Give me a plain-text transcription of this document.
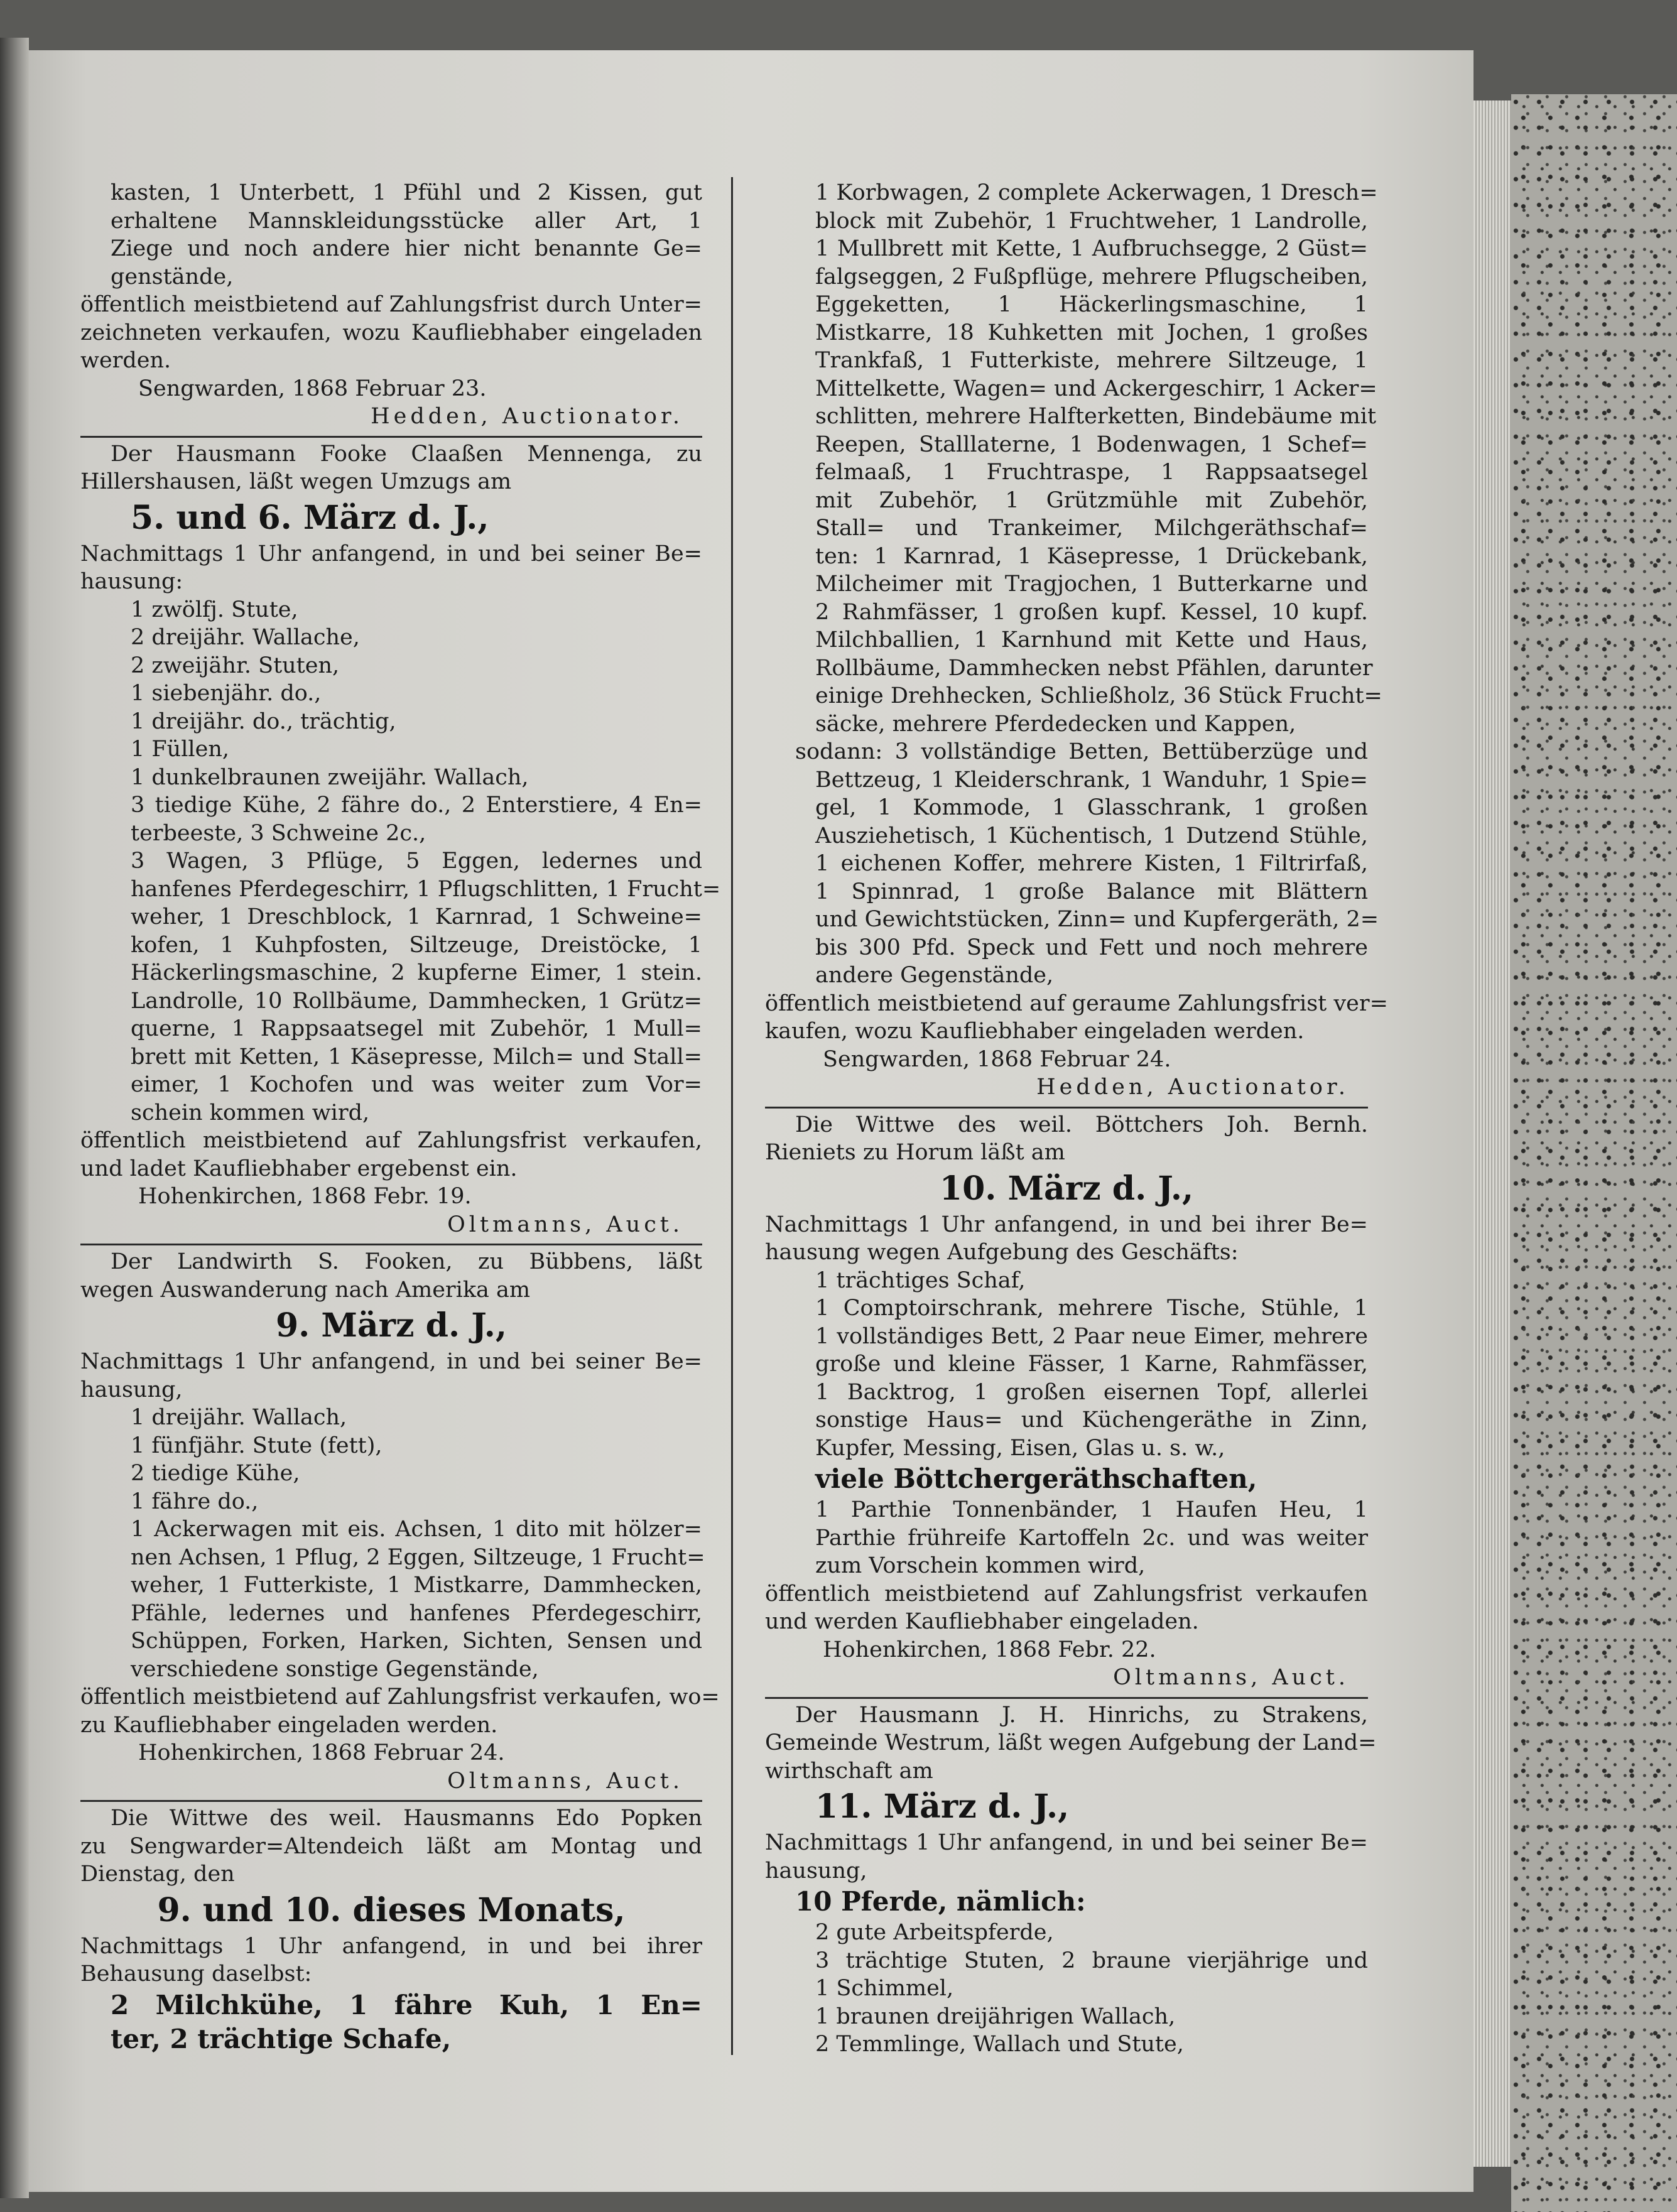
kasten, 1 Unterbett, 1 Pfühl und 2 Kissen, gut
erhaltene Mannskleidungsstücke aller Art, 1
Ziege und noch andere hier nicht benannte Ge=
genstände,
öffentlich meistbietend auf Zahlungsfrist durch Unter=
zeichneten verkaufen, wozu Kaufliebhaber eingeladen
werden.
Sengwarden, 1868 Februar 23.
Hedden, Auctionator.
Der Hausmann Fooke Claaßen Mennenga, zu
Hillershausen, läßt wegen Umzugs am
5. und 6. März d. J.,
Nachmittags 1 Uhr anfangend, in und bei seiner Be=
hausung:
1 zwölfj. Stute,
2 dreijähr. Wallache,
2 zweijähr. Stuten,
1 siebenjähr. do.,
1 dreijähr. do., trächtig,
1 Füllen,
1 dunkelbraunen zweijähr. Wallach,
3 tiedige Kühe, 2 fähre do., 2 Enterstiere, 4 En=
terbeeste, 3 Schweine 2c.,
3 Wagen, 3 Pflüge, 5 Eggen, ledernes und
hanfenes Pferdegeschirr, 1 Pflugschlitten, 1 Frucht=
weher, 1 Dreschblock, 1 Karnrad, 1 Schweine=
kofen, 1 Kuhpfosten, Siltzeuge, Dreistöcke, 1
Häckerlingsmaschine, 2 kupferne Eimer, 1 stein.
Landrolle, 10 Rollbäume, Dammhecken, 1 Grütz=
querne, 1 Rappsaatsegel mit Zubehör, 1 Mull=
brett mit Ketten, 1 Käsepresse, Milch= und Stall=
eimer, 1 Kochofen und was weiter zum Vor=
schein kommen wird,
öffentlich meistbietend auf Zahlungsfrist verkaufen,
und ladet Kaufliebhaber ergebenst ein.
Hohenkirchen, 1868 Febr. 19.
Oltmanns, Auct.
Der Landwirth S. Fooken, zu Bübbens, läßt
wegen Auswanderung nach Amerika am
9. März d. J.,
Nachmittags 1 Uhr anfangend, in und bei seiner Be=
hausung,
1 dreijähr. Wallach,
1 fünfjähr. Stute (fett),
2 tiedige Kühe,
1 fähre do.,
1 Ackerwagen mit eis. Achsen, 1 dito mit hölzer=
nen Achsen, 1 Pflug, 2 Eggen, Siltzeuge, 1 Frucht=
weher, 1 Futterkiste, 1 Mistkarre, Dammhecken,
Pfähle, ledernes und hanfenes Pferdegeschirr,
Schüppen, Forken, Harken, Sichten, Sensen und
verschiedene sonstige Gegenstände,
öffentlich meistbietend auf Zahlungsfrist verkaufen, wo=
zu Kaufliebhaber eingeladen werden.
Hohenkirchen, 1868 Februar 24.
Oltmanns, Auct.
Die Wittwe des weil. Hausmanns Edo Popken
zu Sengwarder=Altendeich läßt am Montag und
Dienstag, den
9. und 10. dieses Monats,
Nachmittags 1 Uhr anfangend, in und bei ihrer
Behausung daselbst:
2 Milchkühe, 1 fähre Kuh, 1 En=
ter, 2 trächtige Schafe,
1 Korbwagen, 2 complete Ackerwagen, 1 Dresch=
block mit Zubehör, 1 Fruchtweher, 1 Landrolle,
1 Mullbrett mit Kette, 1 Aufbruchsegge, 2 Güst=
falgseggen, 2 Fußpflüge, mehrere Pflugscheiben,
Eggeketten, 1 Häckerlingsmaschine, 1
Mistkarre, 18 Kuhketten mit Jochen, 1 großes
Trankfaß, 1 Futterkiste, mehrere Siltzeuge, 1
Mittelkette, Wagen= und Ackergeschirr, 1 Acker=
schlitten, mehrere Halfterketten, Bindebäume mit
Reepen, Stalllaterne, 1 Bodenwagen, 1 Schef=
felmaaß, 1 Fruchtraspe, 1 Rappsaatsegel
mit Zubehör, 1 Grützmühle mit Zubehör,
Stall= und Trankeimer, Milchgeräthschaf=
ten: 1 Karnrad, 1 Käsepresse, 1 Drückebank,
Milcheimer mit Tragjochen, 1 Butterkarne und
2 Rahmfässer, 1 großen kupf. Kessel, 10 kupf.
Milchballien, 1 Karnhund mit Kette und Haus,
Rollbäume, Dammhecken nebst Pfählen, darunter
einige Drehhecken, Schließholz, 36 Stück Frucht=
säcke, mehrere Pferdedecken und Kappen,
sodann: 3 vollständige Betten, Bettüberzüge und
Bettzeug, 1 Kleiderschrank, 1 Wanduhr, 1 Spie=
gel, 1 Kommode, 1 Glasschrank, 1 großen
Ausziehetisch, 1 Küchentisch, 1 Dutzend Stühle,
1 eichenen Koffer, mehrere Kisten, 1 Filtrirfaß,
1 Spinnrad, 1 große Balance mit Blättern
und Gewichtstücken, Zinn= und Kupfergeräth, 2=
bis 300 Pfd. Speck und Fett und noch mehrere
andere Gegenstände,
öffentlich meistbietend auf geraume Zahlungsfrist ver=
kaufen, wozu Kaufliebhaber eingeladen werden.
Sengwarden, 1868 Februar 24.
Hedden, Auctionator.
Die Wittwe des weil. Böttchers Joh. Bernh.
Rieniets zu Horum läßt am
10. März d. J.,
Nachmittags 1 Uhr anfangend, in und bei ihrer Be=
hausung wegen Aufgebung des Geschäfts:
1 trächtiges Schaf,
1 Comptoirschrank, mehrere Tische, Stühle, 1
1 vollständiges Bett, 2 Paar neue Eimer, mehrere
große und kleine Fässer, 1 Karne, Rahmfässer,
1 Backtrog, 1 großen eisernen Topf, allerlei
sonstige Haus= und Küchengeräthe in Zinn,
Kupfer, Messing, Eisen, Glas u. s. w.,
viele Böttchergeräthschaften,
1 Parthie Tonnenbänder, 1 Haufen Heu, 1
Parthie frühreife Kartoffeln 2c. und was weiter
zum Vorschein kommen wird,
öffentlich meistbietend auf Zahlungsfrist verkaufen
und werden Kaufliebhaber eingeladen.
Hohenkirchen, 1868 Febr. 22.
Oltmanns, Auct.
Der Hausmann J. H. Hinrichs, zu Strakens,
Gemeinde Westrum, läßt wegen Aufgebung der Land=
wirthschaft am
11. März d. J.,
Nachmittags 1 Uhr anfangend, in und bei seiner Be=
hausung,
10 Pferde, nämlich:
2 gute Arbeitspferde,
3 trächtige Stuten, 2 braune vierjährige und
1 Schimmel,
1 braunen dreijährigen Wallach,
2 Temmlinge, Wallach und Stute,
